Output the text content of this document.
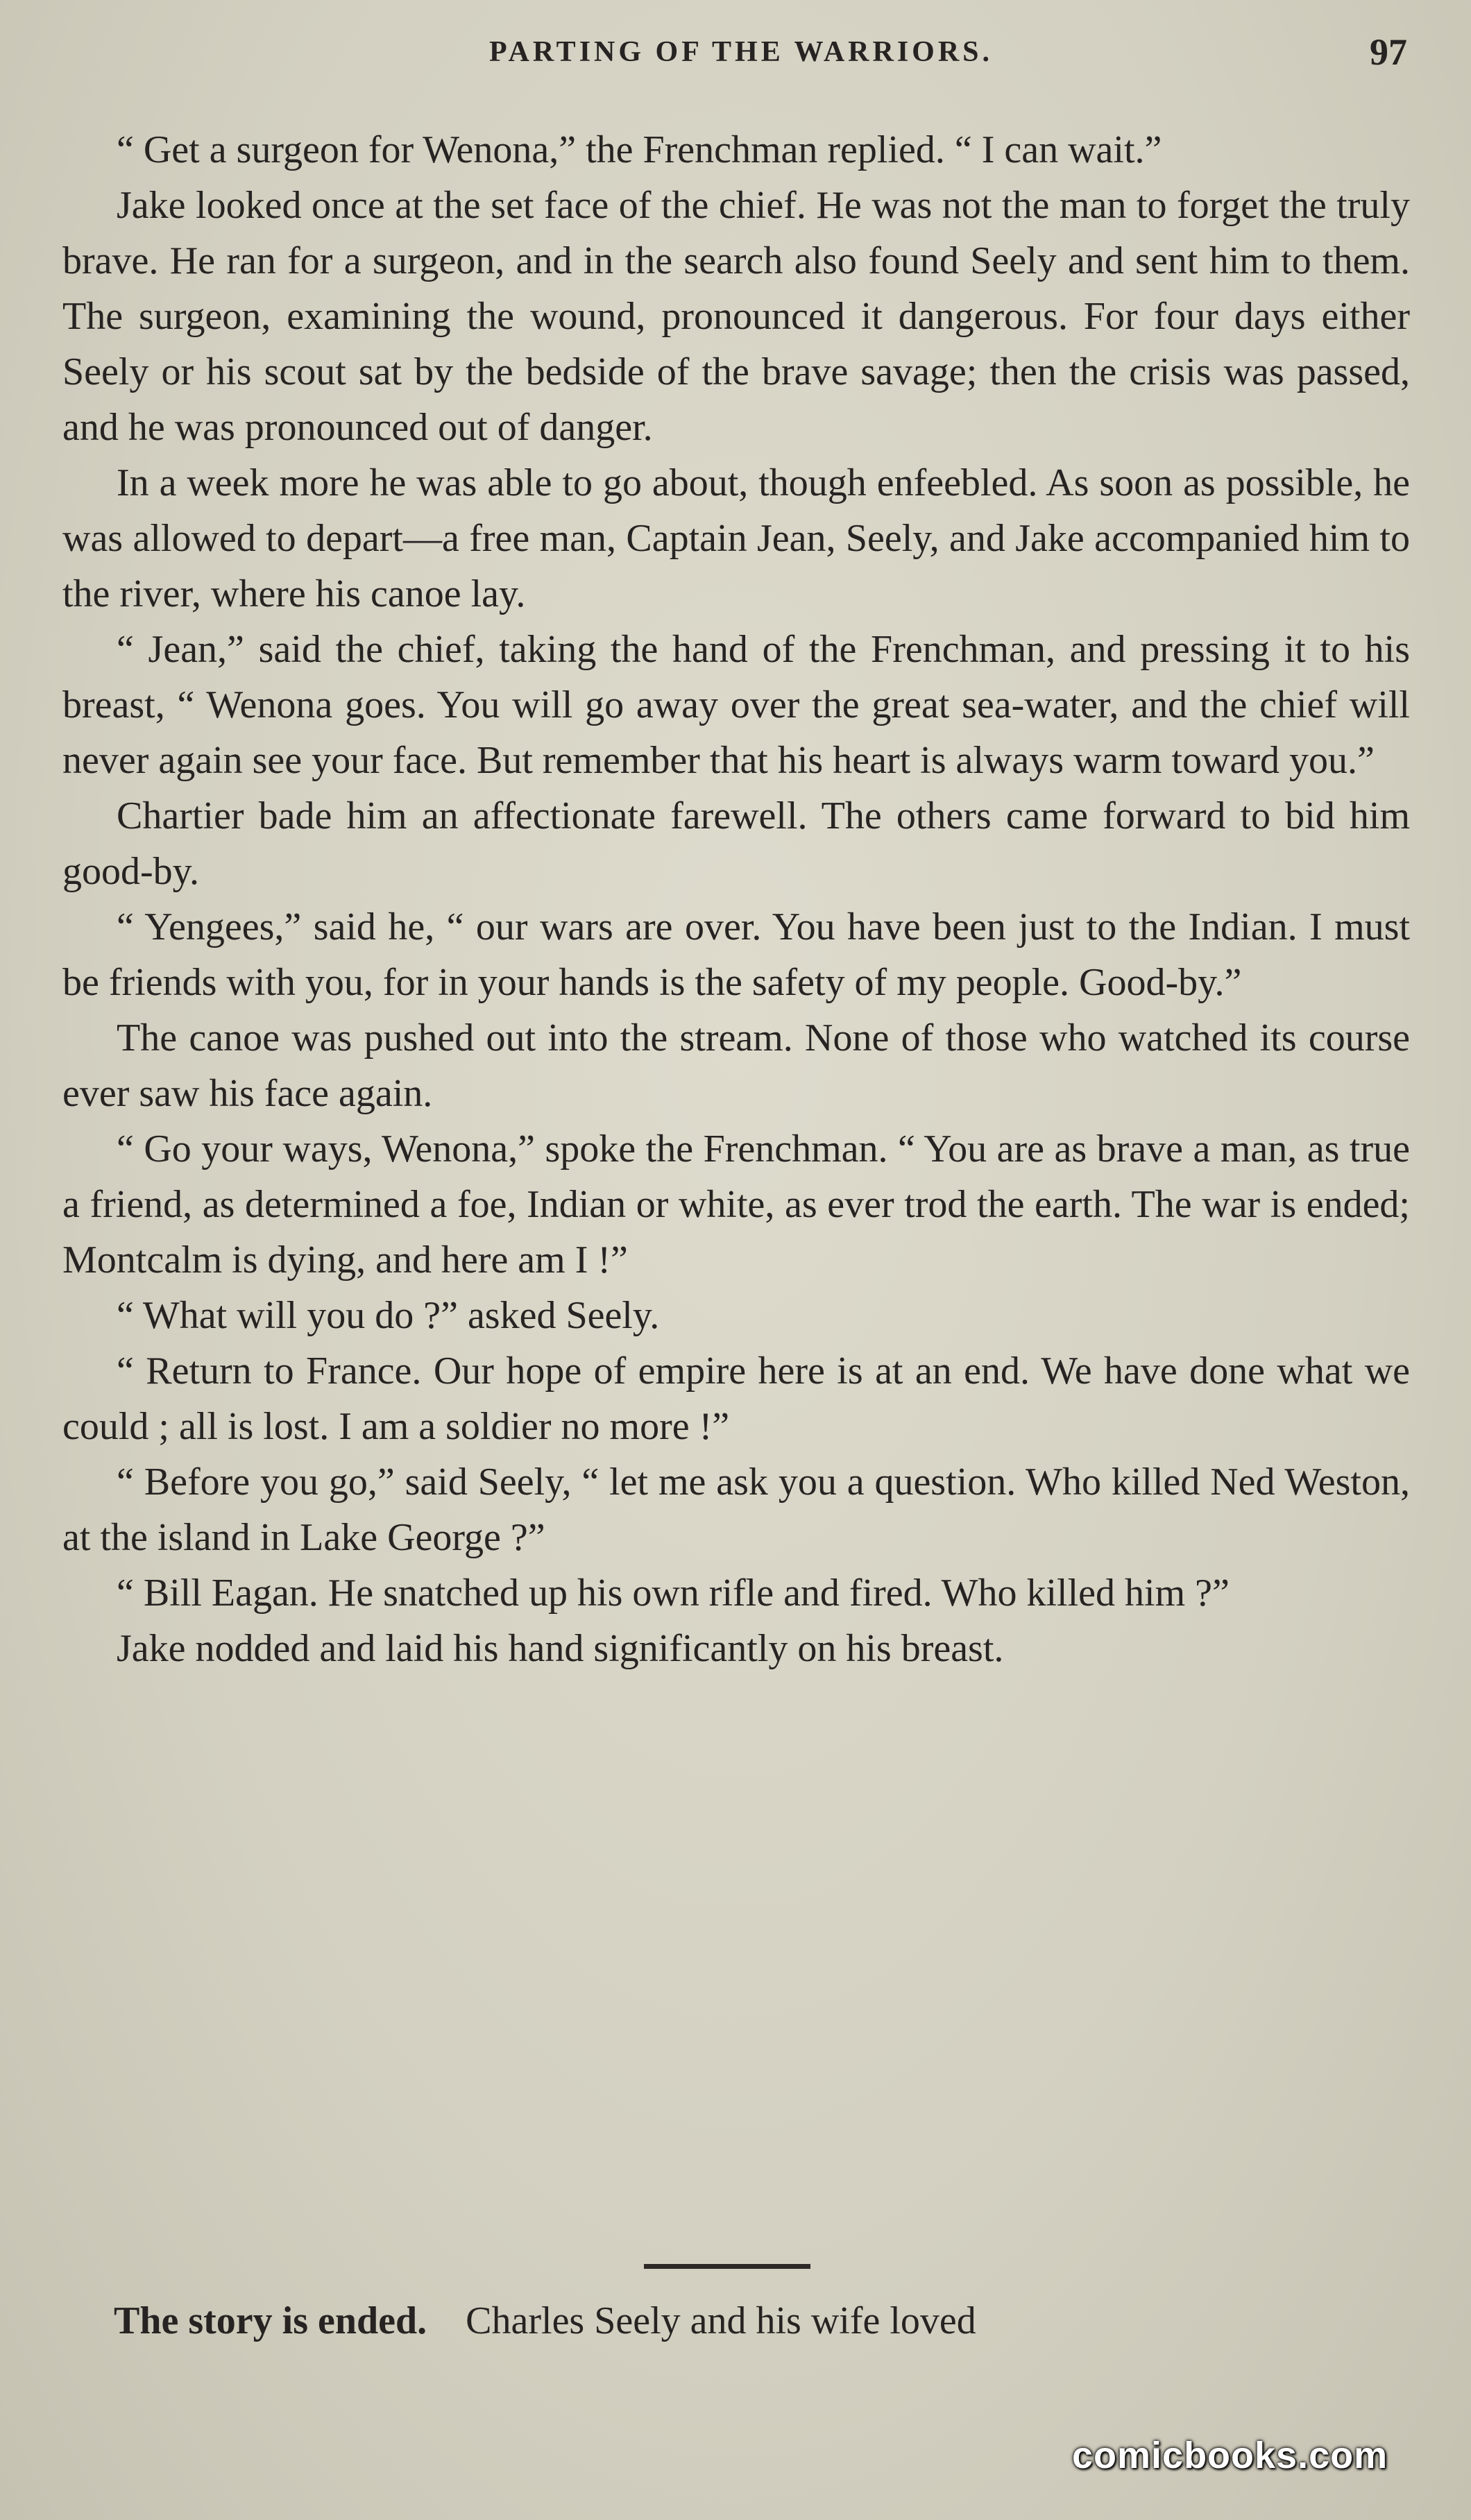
PARTING OF THE WARRIORS.	97

“ Get a surgeon for Wenona,” the Frenchman replied. “ I can wait.”

Jake looked once at the set face of the chief. He was not the man to forget the truly brave. He ran for a surgeon, and in the search also found Seely and sent him to them. The surgeon, examining the wound, pronounced it dangerous. For four days either Seely or his scout sat by the bedside of the brave savage; then the crisis was passed, and he was pronounced out of danger.

In a week more he was able to go about, though enfeebled. As soon as possible, he was allowed to depart—a free man, Captain Jean, Seely, and Jake accompanied him to the river, where his canoe lay.

“ Jean,” said the chief, taking the hand of the Frenchman, and pressing it to his breast, “ Wenona goes. You will go away over the great sea-water, and the chief will never again see your face. But remember that his heart is always warm toward you.”

Chartier bade him an affectionate farewell. The others came forward to bid him good-by.

“ Yengees,” said he, “ our wars are over. You have been just to the Indian. I must be friends with you, for in your hands is the safety of my people. Good-by.”

The canoe was pushed out into the stream. None of those who watched its course ever saw his face again.

“ Go your ways, Wenona,” spoke the Frenchman. “ You are as brave a man, as true a friend, as determined a foe, Indian or white, as ever trod the earth. The war is ended; Montcalm is dying, and here am I !”

“ What will you do ?” asked Seely.

“ Return to France. Our hope of empire here is at an end. We have done what we could ; all is lost. I am a soldier no more !”

“ Before you go,” said Seely, “ let me ask you a question. Who killed Ned Weston, at the island in Lake George ?”

“ Bill Eagan. He snatched up his own rifle and fired. Who killed him ?”

Jake nodded and laid his hand significantly on his breast.

The story is ended. Charles Seely and his wife loved
comicbooks.com
